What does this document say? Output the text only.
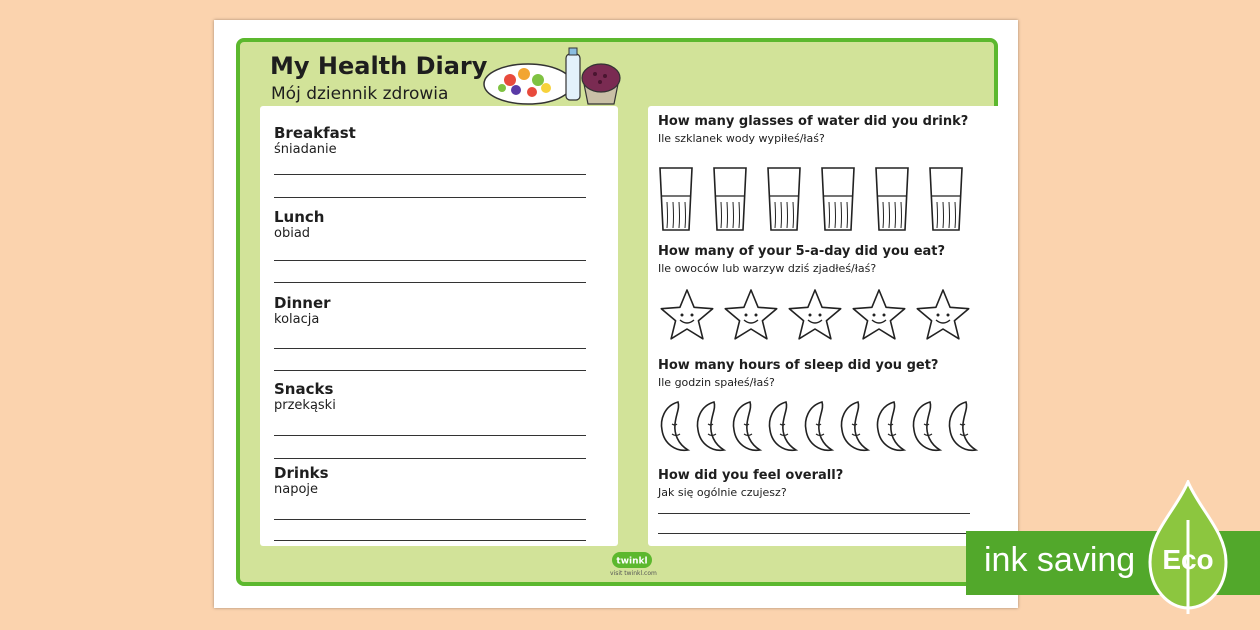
My Health Diary
Mój dziennik zdrowia
Breakfast
śniadanie
Lunch
obiad
Dinner
kolacja
Snacks
przekąski
Drinks
napoje
How many glasses of water did you drink?
Ile szklanek wody wypiłeś/łaś?
How many of your 5-a-day did you eat?
Ile owoców lub warzyw dziś zjadłeś/łaś?
How many hours of sleep did you get?
Ile godzin spałeś/łaś?
How did you feel overall?
Jak się ogólnie czujesz?
twinkl
visit twinkl.com	ink saving Eco
